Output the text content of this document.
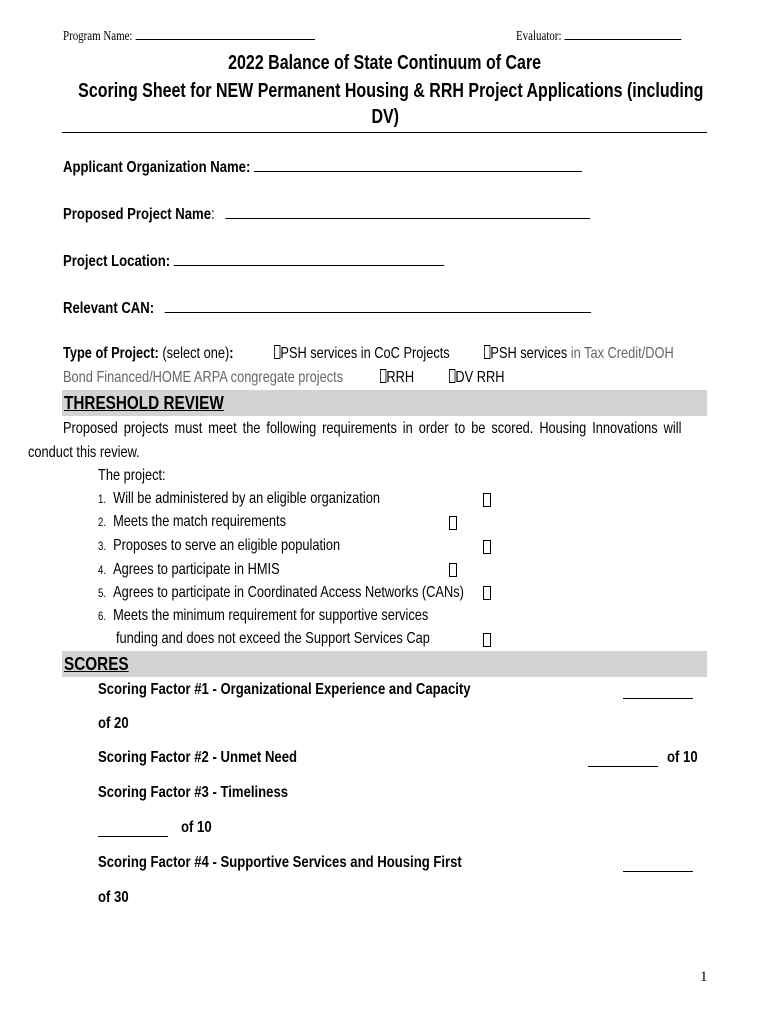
Program Name:	Evaluator:
2022 Balance of State Continuum of Care
Scoring Sheet for NEW Permanent Housing & RRH Project Applications (including
DV)
Applicant Organization Name:
Proposed Project Name:
Project Location:
Relevant CAN:
Type of Project: (select one):	PSH services in CoC Projects	PSH services in Tax Credit/DOH
Bond Financed/HOME ARPA congregate projects	RRH	DV RRH
THRESHOLD REVIEW
Proposed projects must meet the following requirements in order to be scored. Housing Innovations will
conduct this review.
The project:
1. Will be administered by an eligible organization
2. Meets the match requirements
3. Proposes to serve an eligible population
4. Agrees to participate in HMIS
5. Agrees to participate in Coordinated Access Networks (CANs)
6. Meets the minimum requirement for supportive services
funding and does not exceed the Support Services Cap
SCORES
Scoring Factor #1 - Organizational Experience and Capacity
of 20
Scoring Factor #2 - Unmet Need	of 10
Scoring Factor #3 - Timeliness
of 10
Scoring Factor #4 - Supportive Services and Housing First
of 30
1
